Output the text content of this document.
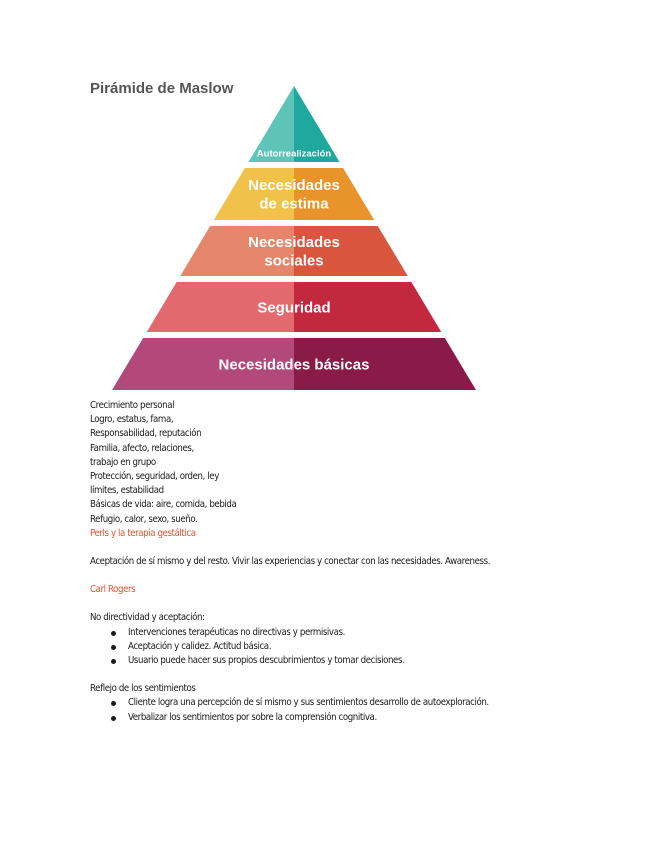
Pirámide de Maslow
Autorrealización
Necesidades
de estima
Necesidades
sociales
Seguridad
Necesidades básicas
Crecimiento personal
Logro, estatus, fama,
Responsabilidad, reputación
Familia, afecto, relaciones,
trabajo en grupo
Protección, seguridad, orden, ley
límites, estabilidad
Básicas de vida: aire, comida, bebida
Refugio, calor, sexo, sueño.
Perls y la terapia gestáltica
Aceptación de sí mismo y del resto. Vivir las experiencias y conectar con las necesidades. Awareness.
Carl Rogers
No directividad y aceptación:
Intervenciones terapéuticas no directivas y permisivas.
Aceptación y calidez. Actitud básica.
Usuario puede hacer sus propios descubrimientos y tomar decisiones.
Reflejo de los sentimientos
Cliente logra una percepción de sí mismo y sus sentimientos desarrollo de autoexploración.
Verbalizar los sentimientos por sobre la comprensión cognitiva.
